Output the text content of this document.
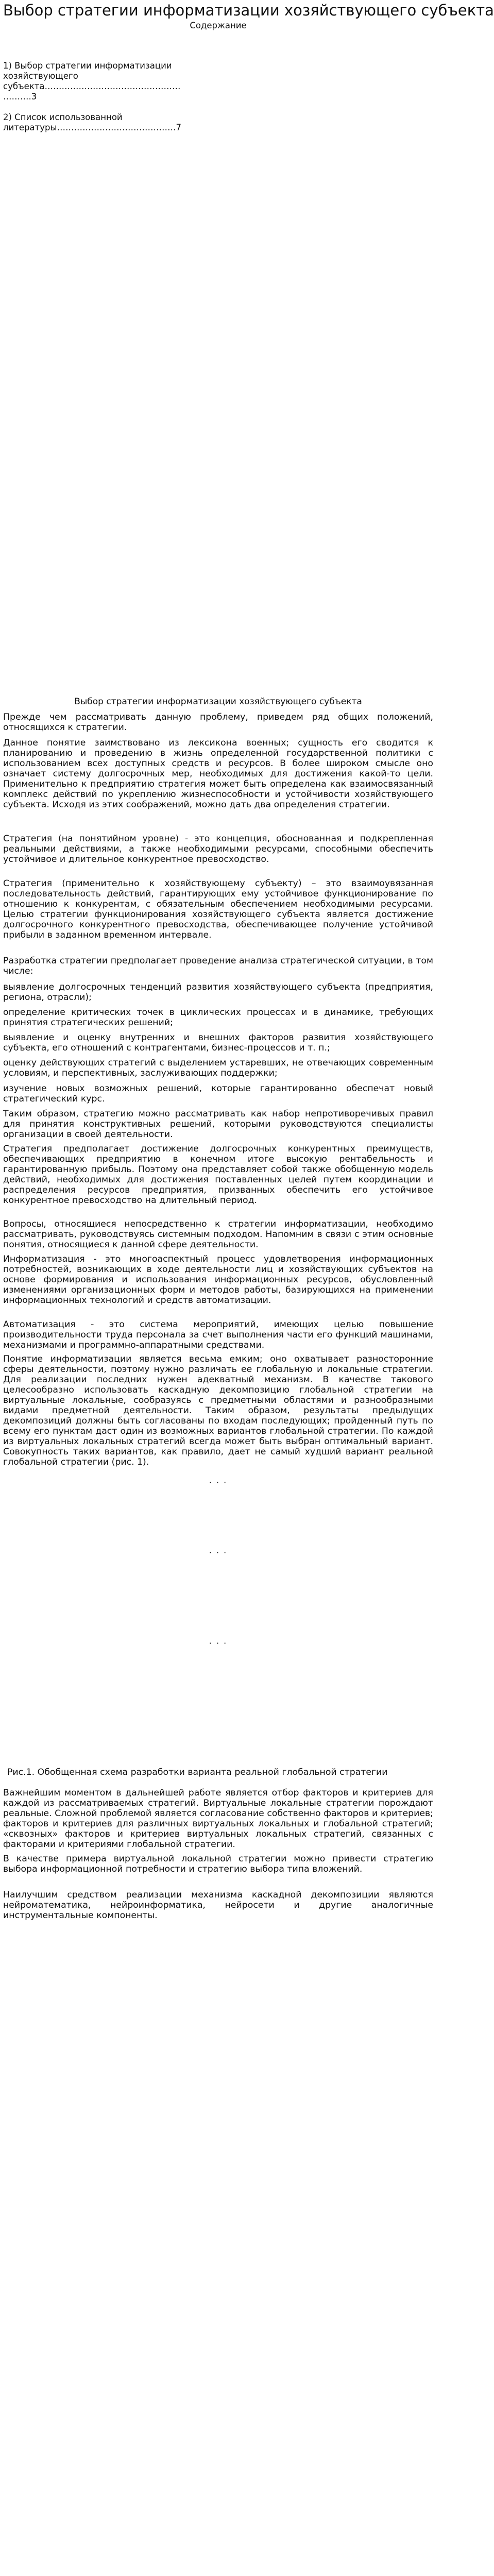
Выбор стратегии информатизации хозяйствующего субъекта
Содержание
1) Выбор стратегии информатизации
хозяйствующего
субъекта…………………………………………
……….3
2) Список использованной
литературы……………………………………7
Выбор стратегии информатизации хозяйствующего субъекта

Прежде чем рассматривать данную проблему, приведем ряд общих положений, относящихся к стратегии.

Данное понятие заимствовано из лексикона военных; сущность его сводится к планированию и проведению в жизнь определенной государственной политики с использованием всех доступных средств и ресурсов. В более широком смысле оно означает систему долгосрочных мер, необходимых для достижения какой-то цели. Применительно к предприятию стратегия может быть определена как взаимосвязанный комплекс действий по укреплению жизнеспособности и устойчивости хозяйствующего субъекта. Исходя из этих соображений, можно дать два определения стратегии.

Стратегия (на понятийном уровне) - это концепция, обоснованная и подкрепленная реальными действиями, а также необходимыми ресурсами, способными обеспечить устойчивое и длительное конкурентное превосходство.

Стратегия (применительно к хозяйствующему субъекту) – это взаимоувязанная последовательность действий, гарантирующих ему устойчивое функционирование по отношению к конкурентам, с обязательным обеспечением необходимыми ресурсами. Целью стратегии функционирования хозяйствующего субъекта является достижение долгосрочного конкурентного превосходства, обеспечивающее получение устойчивой прибыли в заданном временном интервале.

Разработка стратегии предполагает проведение анализа стратегической ситуации, в том числе:

выявление долгосрочных тенденций развития хозяйствующего субъекта (предприятия, региона, отрасли);

определение критических точек в циклических процессах и в динамике, требующих принятия стратегических решений;

выявление и оценку внутренних и внешних факторов развития хозяйствующего субъекта, его отношений с контрагентами, бизнес-процессов и т. п.;

оценку действующих стратегий с выделением устаревших, не отвечающих современным условиям, и перспективных, заслуживающих поддержки;

изучение новых возможных решений, которые гарантированно обеспечат новый стратегический курс.

Таким образом, стратегию можно рассматривать как набор непротиворечивых правил для принятия конструктивных решений, которыми руководствуются специалисты организации в своей деятельности.

Стратегия предполагает достижение долгосрочных конкурентных преимуществ, обеспечивающих предприятию в конечном итоге высокую рентабельность и гарантированную прибыль. Поэтому она представляет собой также обобщенную модель действий, необходимых для достижения поставленных целей путем координации и распределения ресурсов предприятия, призванных обеспечить его устойчивое конкурентное превосходство на длительный период.

Вопросы, относящиеся непосредственно к стратегии информатизации, необходимо рассматривать, руководствуясь системным подходом. Напомним в связи с этим основные понятия, относящиеся к данной сфере деятельности.

Информатизация - это многоаспектный процесс удовлетворения информационных потребностей, возникающих в ходе деятельности лиц и хозяйствующих субъектов на основе формирования и использования информационных ресурсов, обусловленный изменениями организационных форм и методов работы, базирующихся на применении информационных технологий и средств автоматизации.

Автоматизация - это система мероприятий, имеющих целью повышение производительности труда персонала за счет выполнения части его функций машинами, механизмами и программно-аппаратными средствами.

Понятие информатизации является весьма емким; оно охватывает разносторонние сферы деятельности, поэтому нужно различать ее глобальную и локальные стратегии. Для реализации последних нужен адекватный механизм. В качестве такового целесообразно использовать каскадную декомпозицию глобальной стратегии на виртуальные локальные, сообразуясь с предметными областями и разнообразными видами предметной деятельности. Таким образом, результаты предыдущих декомпозиций должны быть согласованы по входам последующих; пройденный путь по всему его пунктам даст один из возможных вариантов глобальной стратегии. По каждой из виртуальных локальных стратегий всегда может быть выбран оптимальный вариант. Совокупность таких вариантов, как правило, дает не самый худший вариант реальной глобальной стратегии (рис. 1).

· · ·
· · ·
· · ·
Рис.1. Обобщенная схема разработки варианта реальной глобальной стратегии

Важнейшим моментом в дальнейшей работе является отбор факторов и критериев для каждой из рассматриваемых стратегий. Виртуальные локальные стратегии порождают реальные. Сложной проблемой является согласование собственно факторов и критериев; факторов и критериев для различных виртуальных локальных и глобальной стратегий; «сквозных» факторов и критериев виртуальных локальных стратегий, связанных с факторами и критериями глобальной стратегии.

В качестве примера виртуальной локальной стратегии можно привести стратегию выбора информационной потребности и стратегию выбора типа вложений.

Наилучшим средством реализации механизма каскадной декомпозиции являются нейроматематика, нейроинформатика, нейросети и другие аналогичные инструментальные компоненты.
